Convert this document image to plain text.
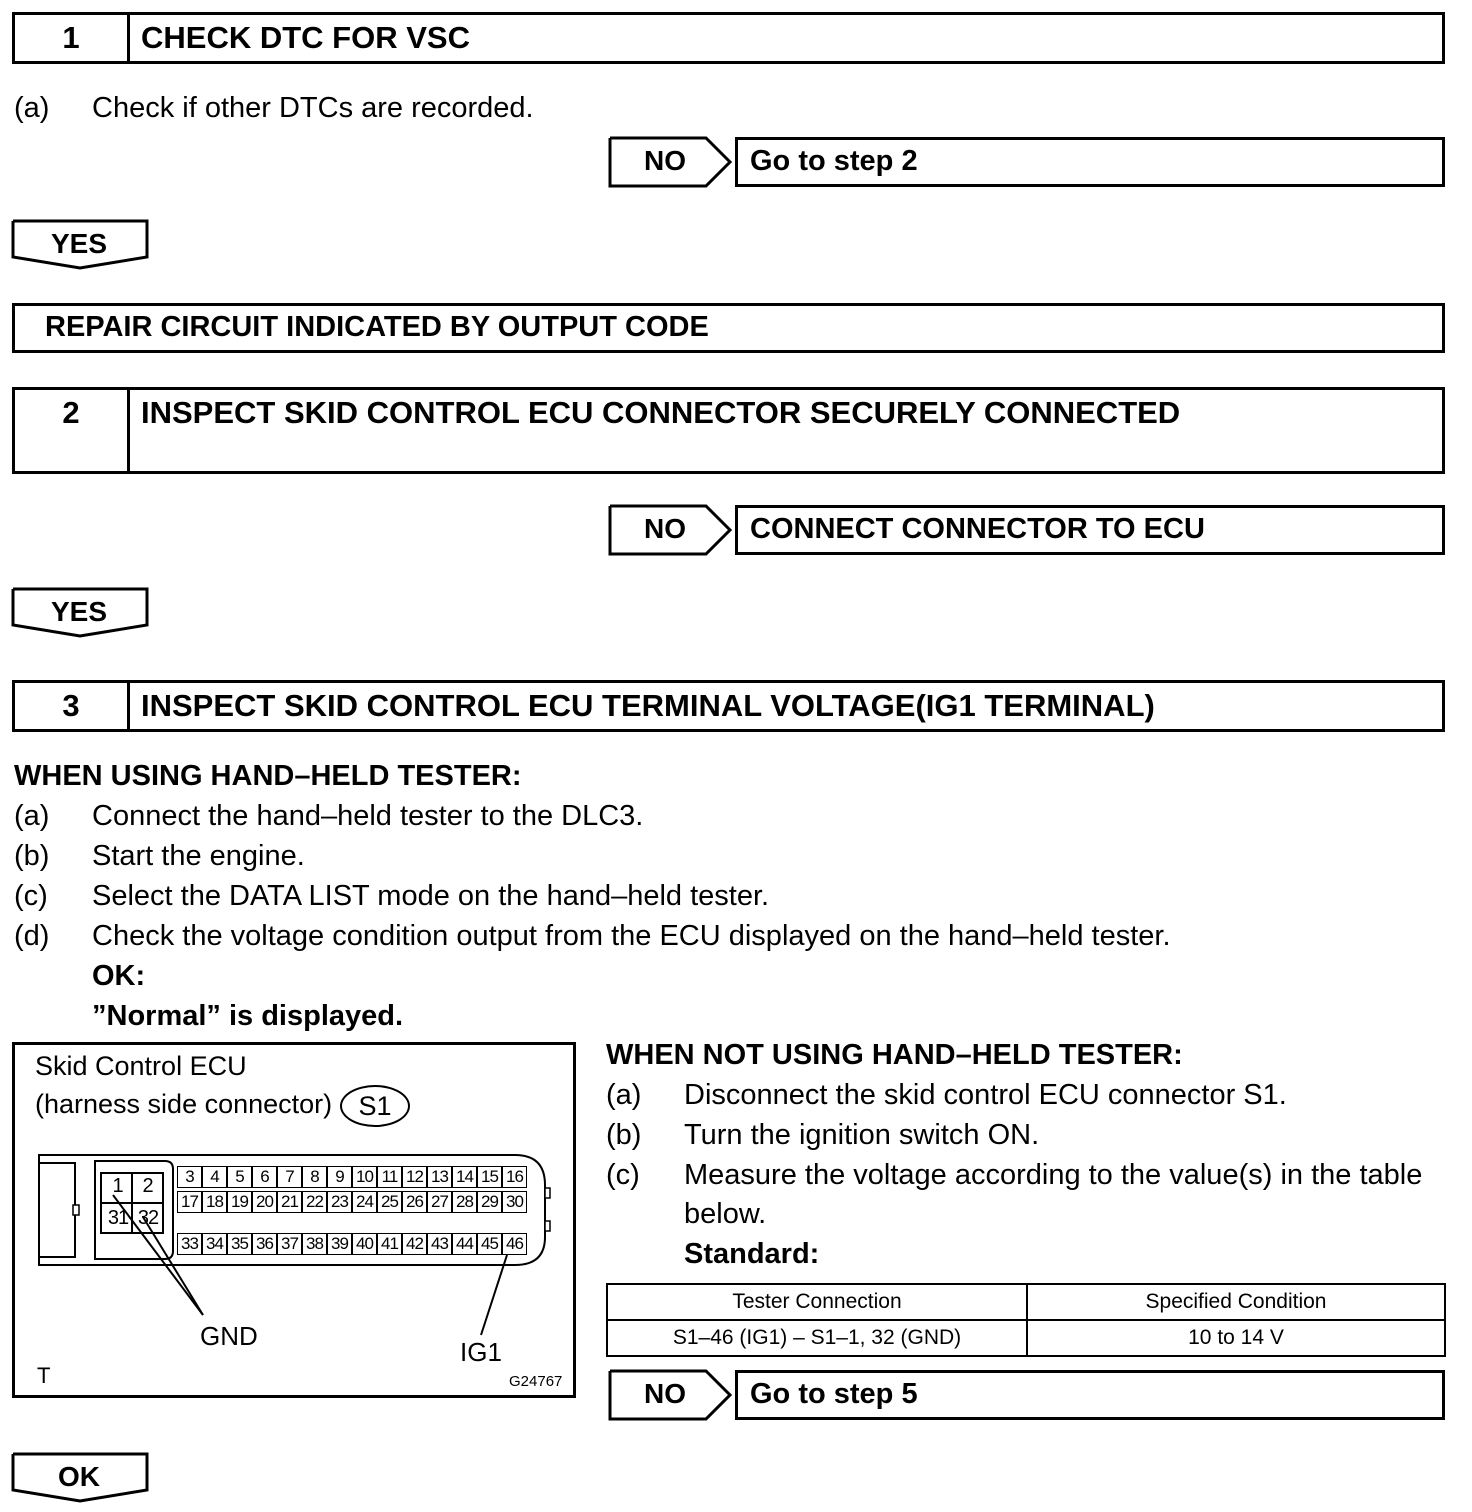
1	CHECK DTC FOR VSC
(a) Check if other DTCs are recorded.
NO	Go to step 2
YES
REPAIR CIRCUIT INDICATED BY OUTPUT CODE
2	INSPECT SKID CONTROL ECU CONNECTOR SECURELY CONNECTED
NO	CONNECT CONNECTOR TO ECU
YES
3	INSPECT SKID CONTROL ECU TERMINAL VOLTAGE(IG1 TERMINAL)
WHEN USING HAND–HELD TESTER:
(a) Connect the hand–held tester to the DLC3.
(b) Start the engine.
(c) Select the DATA LIST mode on the hand–held tester.
(d) Check the voltage condition output from the ECU displayed on the hand–held tester.
OK:
”Normal” is displayed.
Skid Control ECU
(harness side connector) S1
1 2
31 32
3 4 5 6 7 8 9 10 11 12 13 14 15 16
17 18 19 20 21 22 23 24 25 26 27 28 29 30
33 34 35 36 37 38 39 40 41 42 43 44 45 46
GND
IG1
T	G24767
WHEN NOT USING HAND–HELD TESTER:
(a) Disconnect the skid control ECU connector S1.
(b) Turn the ignition switch ON.
(c) Measure the voltage according to the value(s) in the table
below.
Standard:
Tester Connection	Specified Condition
S1–46 (IG1) – S1–1, 32 (GND)	10 to 14 V
NO	Go to step 5
OK
